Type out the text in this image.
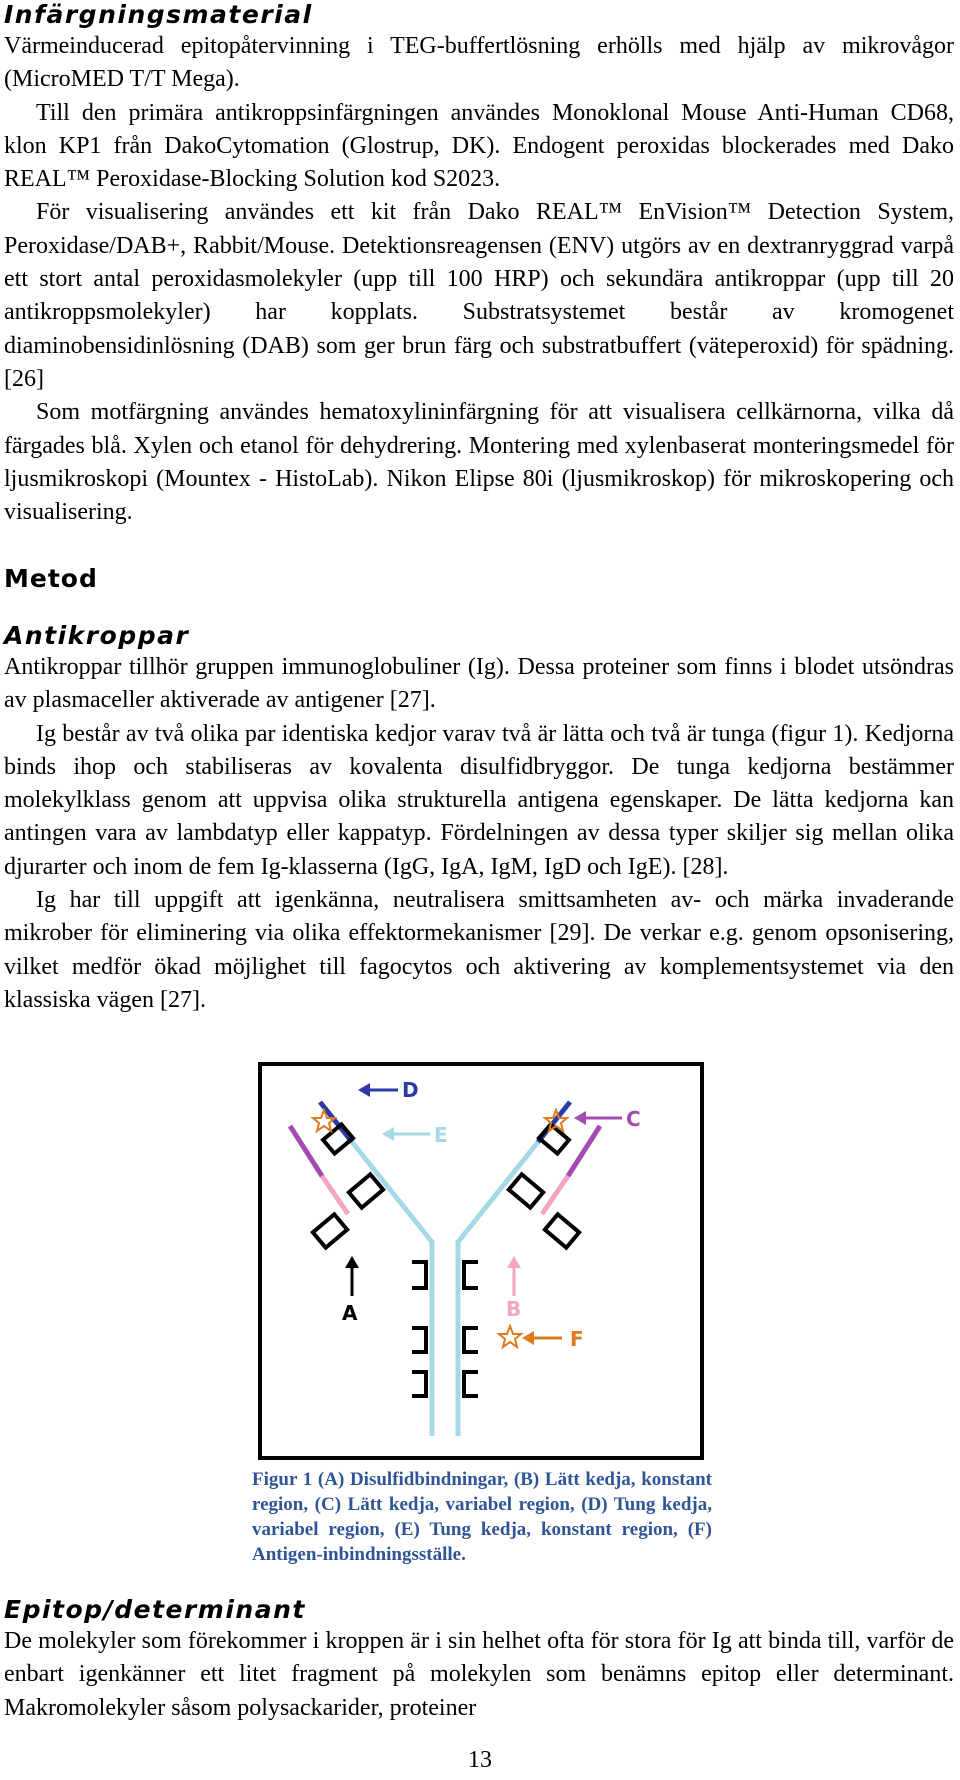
Infärgningsmaterial

Värmeinducerad epitopåtervinning i TEG-buffertlösning erhölls med hjälp av mikrovågor (MicroMED T/T Mega).

Till den primära antikroppsinfärgningen användes Monoklonal Mouse Anti-Human CD68, klon KP1 från DakoCytomation (Glostrup, DK). Endogent peroxidas blockerades med Dako REAL™ Peroxidase-Blocking Solution kod S2023.

För visualisering användes ett kit från Dako REAL™ EnVision™ Detection System, Peroxidase/DAB+, Rabbit/Mouse. Detektionsreagensen (ENV) utgörs av en dextranryggrad varpå ett stort antal peroxidasmolekyler (upp till 100 HRP) och sekundära antikroppar (upp till 20 antikroppsmolekyler) har kopplats. Substratsystemet består av kromogenet diaminobensidinlösning (DAB) som ger brun färg och substratbuffert (väteperoxid) för spädning. [26]

Som motfärgning användes hematoxylininfärgning för att visualisera cellkärnorna, vilka då färgades blå. Xylen och etanol för dehydrering. Montering med xylenbaserat monteringsmedel för ljusmikroskopi (Mountex - HistoLab). Nikon Elipse 80i (ljusmikroskop) för mikroskopering och visualisering.

Metod
Antikroppar

Antikroppar tillhör gruppen immunoglobuliner (Ig). Dessa proteiner som finns i blodet utsöndras av plasmaceller aktiverade av antigener [27].

Ig består av två olika par identiska kedjor varav två är lätta och två är tunga (figur 1). Kedjorna binds ihop och stabiliseras av kovalenta disulfidbryggor. De tunga kedjorna bestämmer molekylklass genom att uppvisa olika strukturella antigena egenskaper. De lätta kedjorna kan antingen vara av lambdatyp eller kappatyp. Fördelningen av dessa typer skiljer sig mellan olika djurarter och inom de fem Ig-klasserna (IgG, IgA, IgM, IgD och IgE). [28].

Ig har till uppgift att igenkänna, neutralisera smittsamheten av- och märka invaderande mikrober för eliminering via olika effektormekanismer [29]. De verkar e.g. genom opsonisering, vilket medför ökad möjlighet till fagocytos och aktivering av komplementsystemet via den klassiska vägen [27].

D
E
C
A	B
F

Figur 1 (A) Disulfidbindningar, (B) Lätt kedja, konstant region, (C) Lätt kedja, variabel region, (D) Tung kedja, variabel region, (E) Tung kedja, konstant region, (F) Antigen-inbindningsställe.

Epitop/determinant

De molekyler som förekommer i kroppen är i sin helhet ofta för stora för Ig att binda till, varför de enbart igenkänner ett litet fragment på molekylen som benämns epitop eller determinant. Makromolekyler såsom polysackarider, proteiner

13
